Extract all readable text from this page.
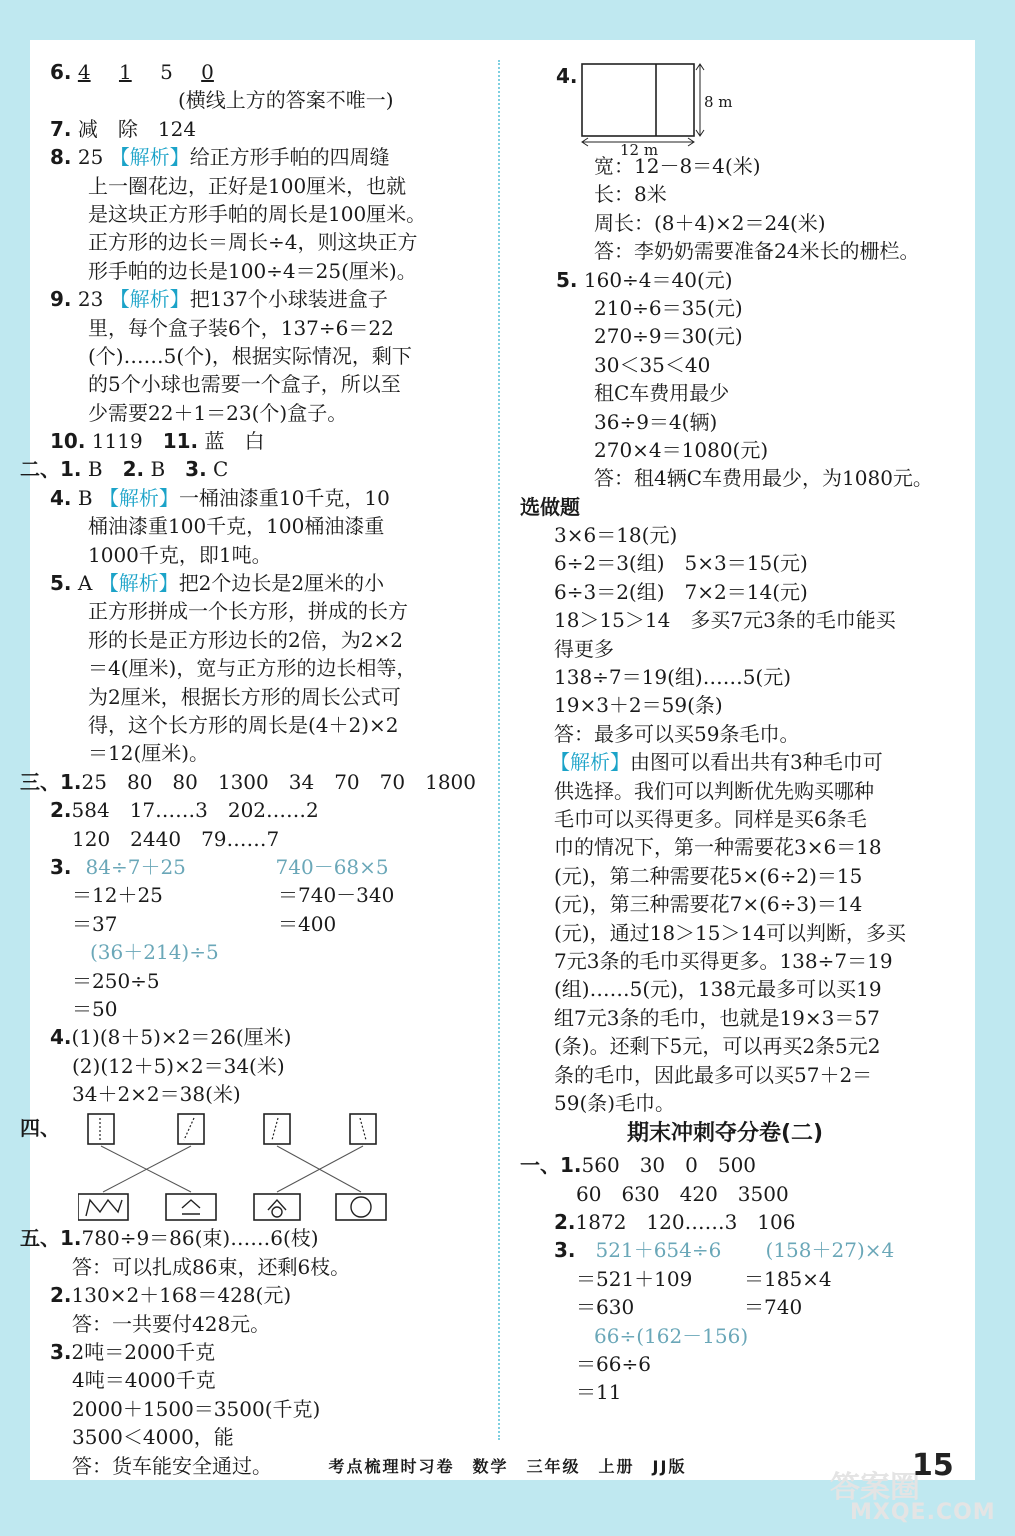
6. 4 1 5 0
(横线上方的答案不唯一)
7. 减　除　124
8. 25 【解析】给正方形手帕的四周缝
上一圈花边，正好是100厘米，也就
是这块正方形手帕的周长是100厘米。
正方形的边长＝周长÷4，则这块正方
形手帕的边长是100÷4＝25(厘米)。
9. 23 【解析】把137个小球装进盒子
里，每个盒子装6个，137÷6＝22
(个)……5(个)，根据实际情况，剩下
的5个小球也需要一个盒子，所以至
少需要22＋1＝23(个)盒子。
10. 1119　 11. 蓝　白
二、1. B　 2. B　 3. C
4. B 【解析】一桶油漆重10千克，10
桶油漆重100千克，100桶油漆重
1000千克，即1吨。
5. A 【解析】把2个边长是2厘米的小
正方形拼成一个长方形，拼成的长方
形的长是正方形边长的2倍，为2×2
＝4(厘米)，宽与正方形的边长相等，
为2厘米，根据长方形的周长公式可
得，这个长方形的周长是(4＋2)×2
＝12(厘米)。
三、1.25　80　80　1300　34　70　70　1800
2.584　17……3　202……2
120　2440　79……7
3. 84÷7＋25	740－68×5
＝12＋25	＝740－340
＝37	＝400
(36＋214)÷5
＝250÷5
＝50
4.(1)(8＋5)×2＝26(厘米)
(2)(12＋5)×2＝34(米)
34＋2×2＝38(米)
四、
五、1.780÷9＝86(束)……6(枝)
答：可以扎成86束，还剩6枝。
2.130×2＋168＝428(元)
答：一共要付428元。
3.2吨＝2000千克
4吨＝4000千克
2000＋1500＝3500(千克)
3500＜4000，能
答：货车能安全通过。
4.
8 m
12 m
宽：12－8＝4(米)
长：8米
周长：(8＋4)×2＝24(米)
答：李奶奶需要准备24米长的栅栏。
5. 160÷4＝40(元)
210÷6＝35(元)
270÷9＝30(元)
30＜35＜40
租C车费用最少
36÷9＝4(辆)
270×4＝1080(元)
答：租4辆C车费用最少，为1080元。
选做题
3×6＝18(元)
6÷2＝3(组)　5×3＝15(元)
6÷3＝2(组)　7×2＝14(元)
18＞15＞14　多买7元3条的毛巾能买
得更多
138÷7＝19(组)……5(元)
19×3＋2＝59(条)
答：最多可以买59条毛巾。
【解析】由图可以看出共有3种毛巾可
供选择。我们可以判断优先购买哪种
毛巾可以买得更多。同样是买6条毛
巾的情况下，第一种需要花3×6＝18
(元)，第二种需要花5×(6÷2)＝15
(元)，第三种需要花7×(6÷3)＝14
(元)，通过18＞15＞14可以判断，多买
7元3条的毛巾买得更多。138÷7＝19
(组)……5(元)，138元最多可以买19
组7元3条的毛巾，也就是19×3＝57
(条)。还剩下5元，可以再买2条5元2
条的毛巾，因此最多可以买57＋2＝
59(条)毛巾。
期末冲刺夺分卷(二)
一、1.560　30　0　500
60　630　420　3500
2.1872　120……3　106
3. 521＋654÷6 (158＋27)×4
＝521＋109	＝185×4
＝630	＝740
66÷(162－156)
＝66÷6
＝11
考点梳理时习卷　数学　三年级　上册　JJ版
答案圈
MXQE.COM
15
